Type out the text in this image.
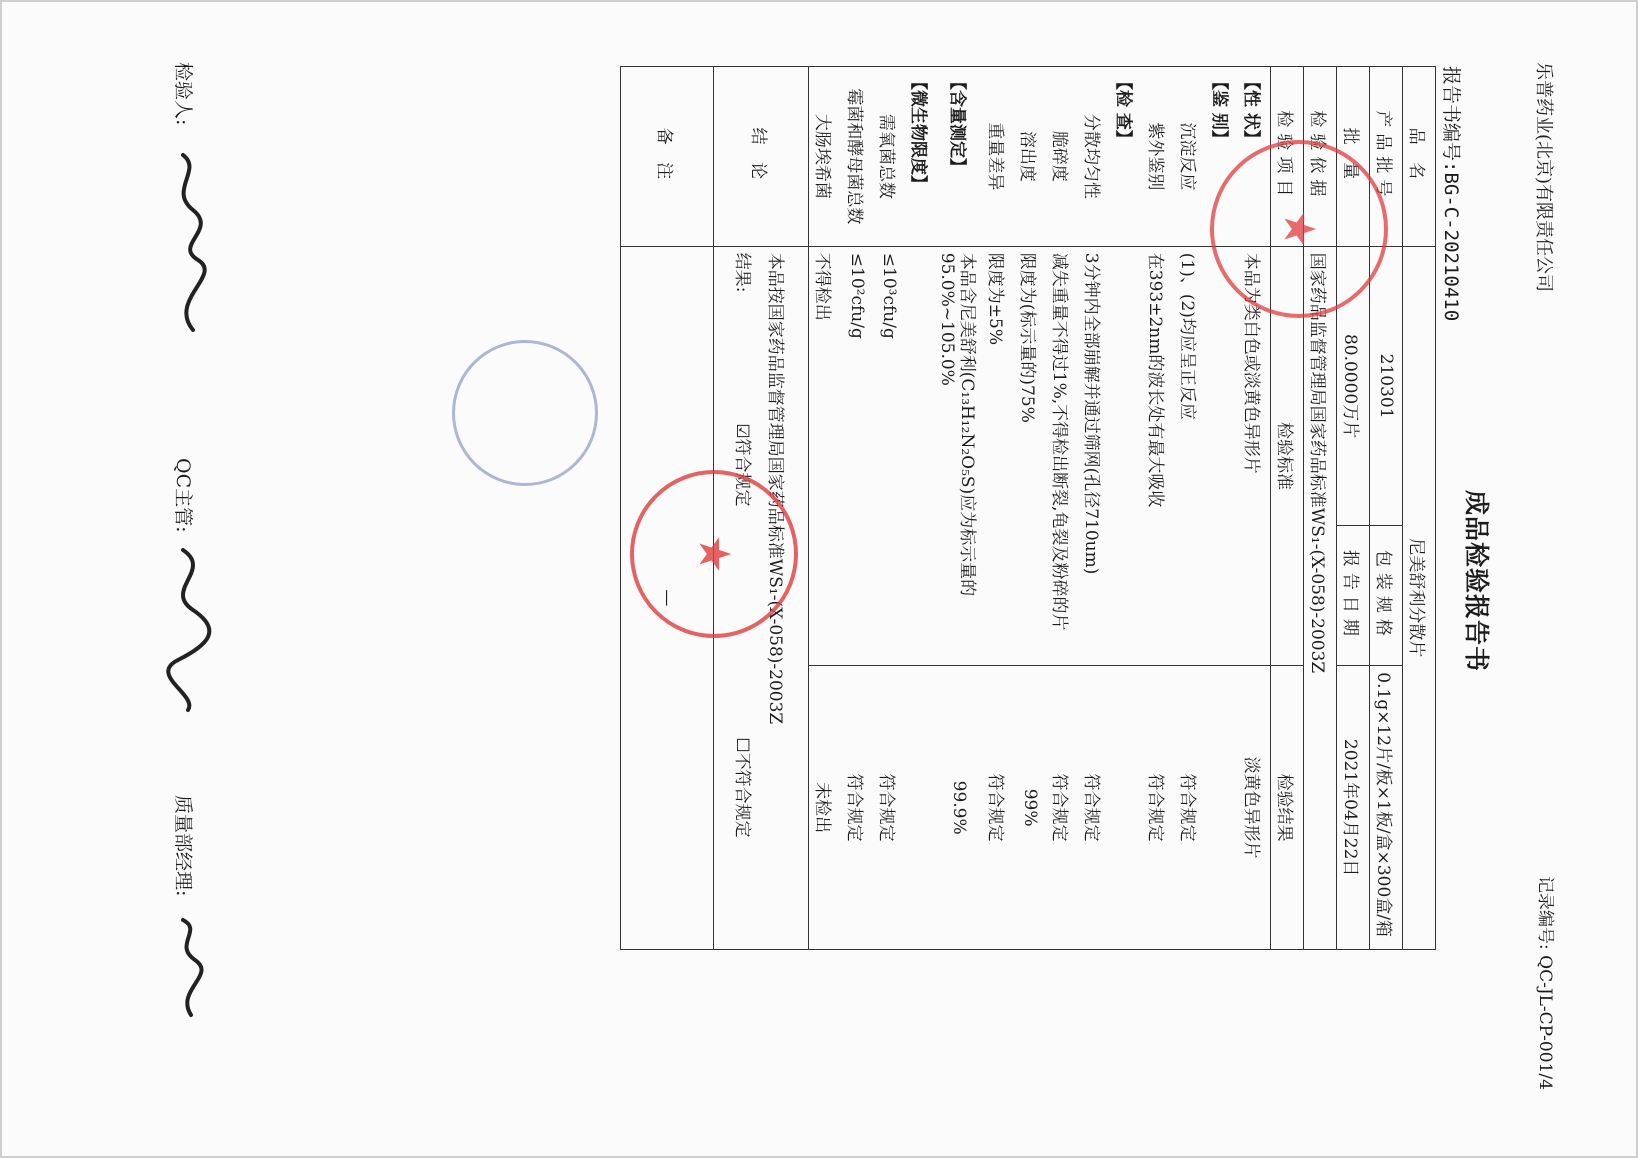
乐普药业(北京)有限责任公司
记录编号: QC-JL-CP-001/4
成品检验报告书
报告书编号:BG-C-20210410
品 名	尼美舒利分散片		
产品批号	210301	包装规格	0.1g×12片/板×1板/盒×300盒/箱
批 量	80.0000万片	报告日期	2021年04月22日
检验依据	国家药品监督管理局国家药品标准WS₁-(X-058)-2003Z		
检验项目	检验标准		检验结果
【性 状】	本品为类白色或淡黄色异形片		淡黄色异形片
【鉴 别】			
沉淀反应	(1)、(2)均应呈正反应		符合规定
紫外鉴别	在393±2nm的波长处有最大吸收		符合规定
【检 查】			
分散均匀性	3分钟内全部崩解并通过筛网(孔径710um)		符合规定
脆碎度	减失重量不得过1%,不得检出断裂,龟裂及粉碎的片		符合规定
溶出度	限度为(标示量的)75%		99%
重量差异	限度为±5%		符合规定
【含量测定】	本品含尼美舒利(C₁₃H₁₂N₂O₅S)应为标示量的95.0%~105.0%		99.9%
【微生物限度】			
需氧菌总数	≤10³cfu/g		符合规定
霉菌和酵母菌总数	≤10²cfu/g		符合规定
大肠埃希菌	不得检出		未检出
结 论	本品按国家药品监督管理局国家药品标准WS₁-(X-058)-2003Z
结果:  ☑符合规定  ☐不符合规定		

备 注	—		
★
★
检验人:
QC主管:
质量部经理:
